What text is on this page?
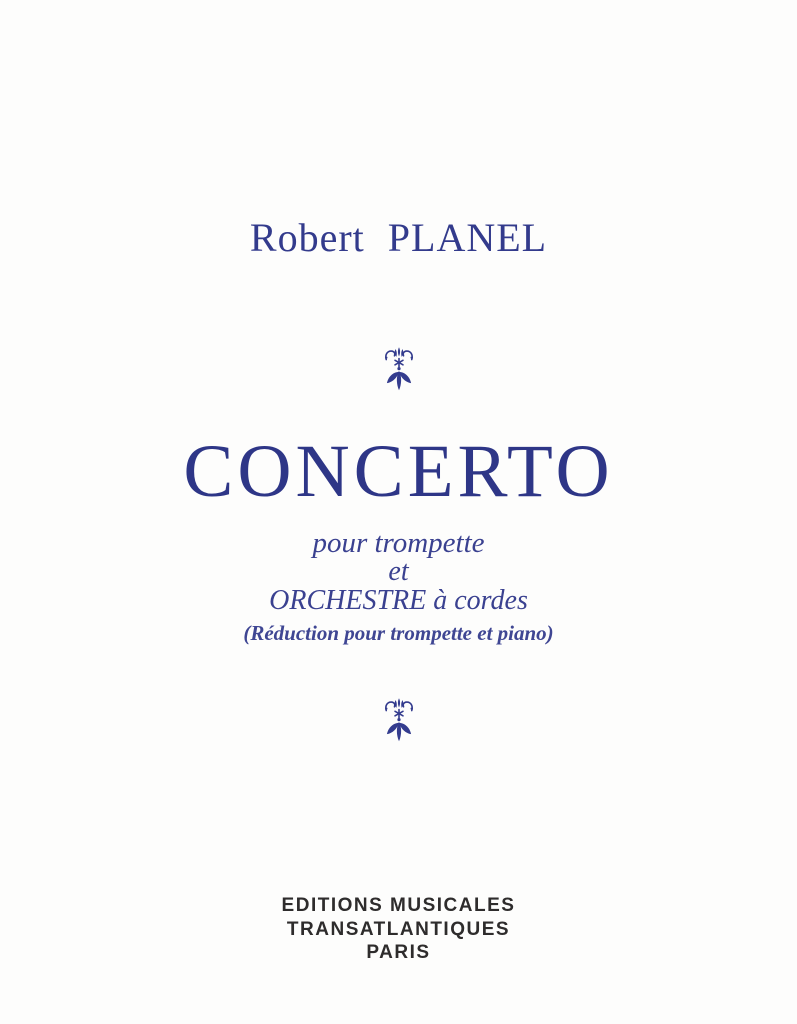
Robert PLANEL

CONCERTO

pour trompette

et

ORCHESTRE à cordes

(Réduction pour trompette et piano)

EDITIONS MUSICALES
TRANSATLANTIQUES
PARIS
